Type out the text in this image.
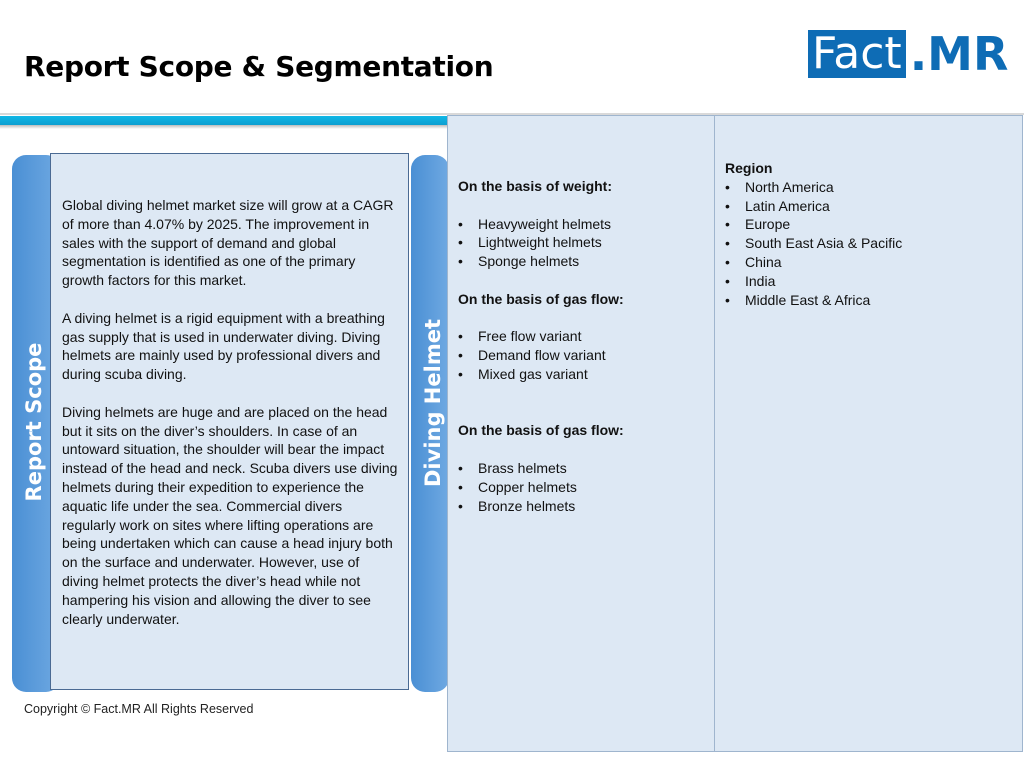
Report Scope & Segmentation	Fact .MR
Report Scope	Diving Helmet

Global diving helmet market size will grow at a CAGR of more than 4.07% by 2025. The improvement in sales with the support of demand and global segmentation is identified as one of the primary growth factors for this market.

A diving helmet is a rigid equipment with a breathing gas supply that is used in underwater diving. Diving helmets are mainly used by professional divers and during scuba diving.

Diving helmets are huge and are placed on the head but it sits on the diver’s shoulders. In case of an untoward situation, the shoulder will bear the impact instead of the head and neck. Scuba divers use diving helmets during their expedition to experience the aquatic life under the sea. Commercial divers regularly work on sites where lifting operations are being undertaken which can cause a head injury both on the surface and underwater. However, use of diving helmet protects the diver’s head while not hampering his vision and allowing the diver to see clearly underwater.

On the basis of weight:

• Heavyweight helmets
• Lightweight helmets
• Sponge helmets

On the basis of gas flow:

• Free flow variant
• Demand flow variant
• Mixed gas variant

On the basis of gas flow:

• Brass helmets
• Copper helmets
• Bronze helmets

Region

• North America
• Latin America
• Europe
• South East Asia & Pacific
• China
• India
• Middle East & Africa
Copyright © Fact.MR All Rights Reserved
